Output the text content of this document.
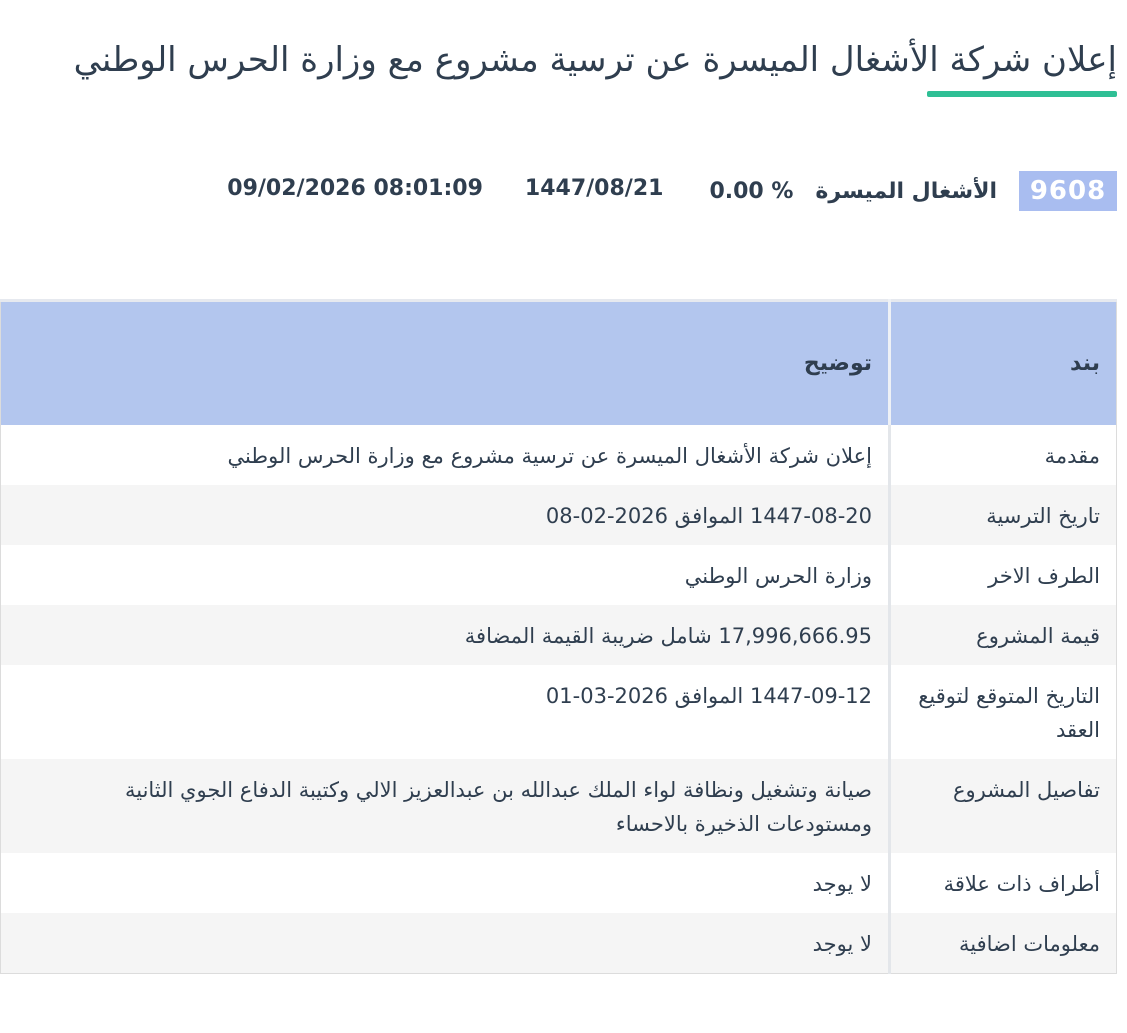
إعلان شركة الأشغال الميسرة عن ترسية مشروع مع وزارة الحرس الوطني
9608
الأشغال الميسرة
0.00 %
1447/08/21
09/02/2026 08:01:09
بند	توضيح
مقدمة	إعلان شركة الأشغال الميسرة عن ترسية مشروع مع وزارة الحرس الوطني
تاريخ الترسية	1447-08-20 الموافق 2026-02-08
الطرف الاخر	وزارة الحرس الوطني
قيمة المشروع	17,996,666.95 شامل ضريبة القيمة المضافة
التاريخ المتوقع لتوقيع العقد	1447-09-12 الموافق 2026-03-01
تفاصيل المشروع	صيانة وتشغيل ونظافة لواء الملك عبدالله بن عبدالعزيز الالي وكتيبة الدفاع الجوي الثانية ومستودعات الذخيرة بالاحساء
أطراف ذات علاقة	لا يوجد
معلومات اضافية	لا يوجد
